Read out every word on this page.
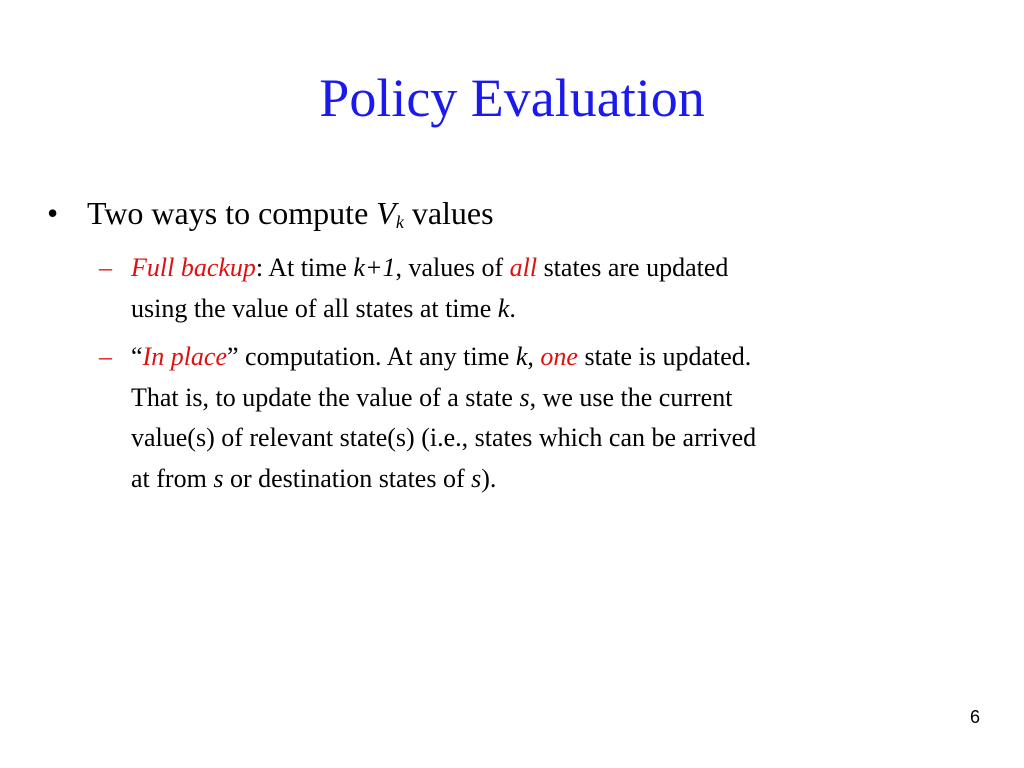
Policy Evaluation
• Two ways to compute $V_k$ values
– Full backup: At time k+1, values of all states are updated
using the value of all states at time k.
– “In place” computation. At any time k, one state is updated.
That is, to update the value of a state s, we use the current
value(s) of relevant state(s) (i.e., states which can be arrived
at from s or destination states of s).
6
